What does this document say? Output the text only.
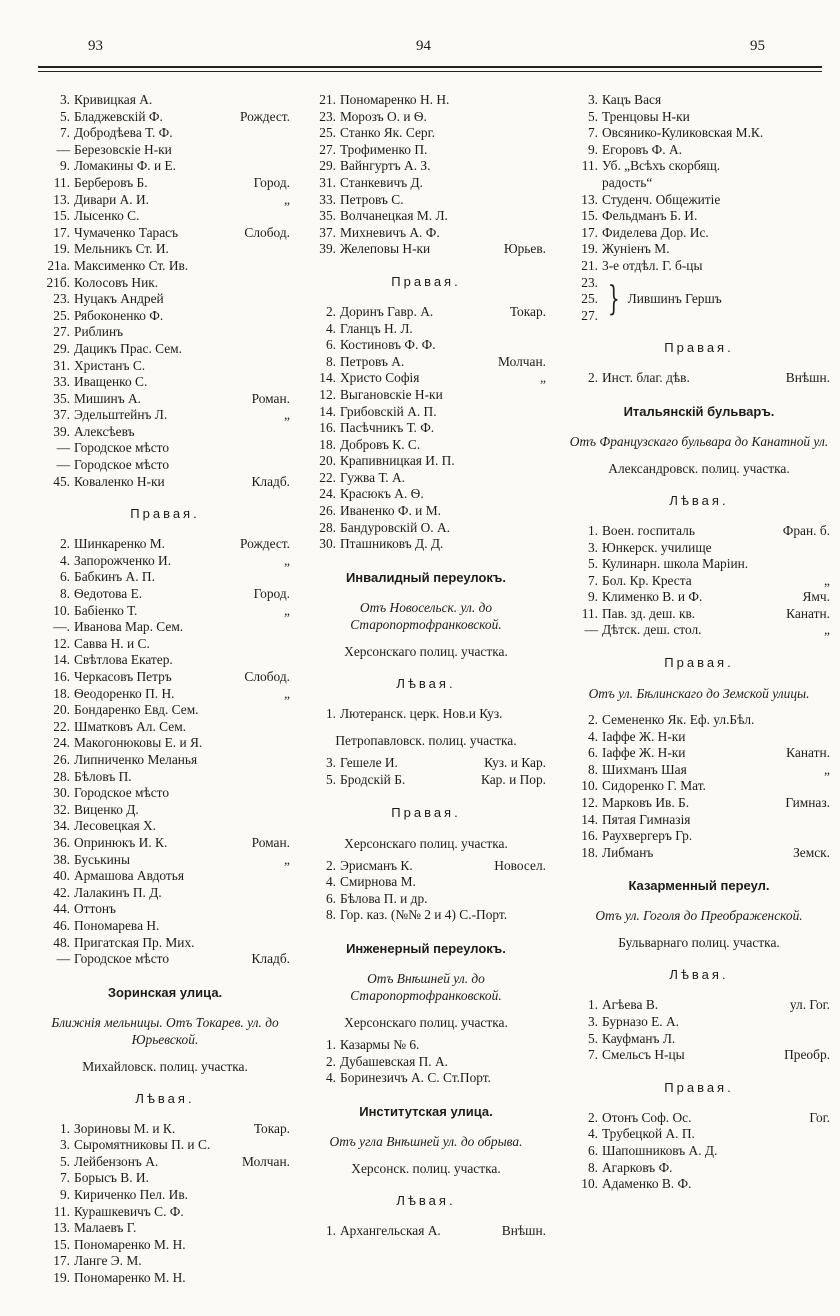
93	94	95
3. Кривицкая А.
5. Бладжевскій Ф.	Рождест.
7. Добродѣева Т. Ф.
— Березовскіе Н-ки
9. Ломакины Ф. и Е.
11. Берберовъ Б.	Город.
13. Дивари А. И.	„
15. Лысенко С.
17. Чумаченко Тарасъ	Слобод.
19. Мельникъ Ст. И.
21а. Максименко Ст. Ив.
21б. Колосовъ Ник.
23. Нуцакъ Андрей
25. Рябоконенко Ф.
27. Риблинъ
29. Дацикъ Прас. Сем.
31. Христанъ С.
33. Иващенко С.
35. Мишинъ А.	Роман.
37. Эдельштейнъ Л.	„
39. Алексѣевъ
— Городское мѣсто
— Городское мѣсто
45. Коваленко Н-ки	Кладб.
Правая.
2. Шинкаренко М.	Рождест.
4. Запорожченко И.	„
6. Бабкинъ А. П.
8. Ѳедотова Е.	Город.
10. Бабіенко Т.	„
—. Иванова Мар. Сем.
12. Савва Н. и С.
14. Свѣтлова Екатер.
16. Черкасовъ Петръ	Слобод.
18. Ѳеодоренко П. Н.	„
20. Бондаренко Евд. Сем.
22. Шматковъ Ал. Сем.
24. Макогонюковы Е. и Я.
26. Липниченко Меланья
28. Бѣловъ П.
30. Городское мѣсто
32. Виценко Д.
34. Лесовецкая Х.
36. Опринюкъ И. К.	Роман.
38. Буськины	„
40. Армашова Авдотья
42. Лалакинъ П. Д.
44. Оттонъ
46. Пономарева Н.
48. Пригатская Пр. Мих.
— Городское мѣсто	Кладб.
Зоринская улица.
Ближнія мельницы. Отъ Токарев. ул. до Юрьевской.
Михайловск. полиц. участка.
Лѣвая.
1. Зориновы М. и К.	Токар.
3. Сыромятниковы П. и С.
5. Лейбензонъ А.	Молчан.
7. Борысъ В. И.
9. Кириченко Пел. Ив.
11. Курашкевичъ С. Ф.
13. Малаевъ Г.
15. Пономаренко М. Н.
17. Ланге Э. М.
19. Пономаренко М. Н.
21. Пономаренко Н. Н.
23. Морозъ О. и Ѳ.
25. Станко Як. Серг.
27. Трофименко П.
29. Вайнгуртъ А. З.
31. Станкевичъ Д.
33. Петровъ С.
35. Волчанецкая М. Л.
37. Михневичъ А. Ф.
39. Желеповы Н-ки	Юрьев.
Правая.
2. Доринъ Гавр. А.	Токар.
4. Гланцъ Н. Л.
6. Костиновъ Ф. Ф.
8. Петровъ А.	Молчан.
14. Христо Софія	„
12. Выгановскіе Н-ки
14. Грибовскій А. П.
16. Пасѣчникъ Т. Ф.
18. Добровъ К. С.
20. Крапивницкая И. П.
22. Гужва Т. А.
24. Красюкъ А. Ѳ.
26. Иваненко Ф. и М.
28. Бандуровскій О. А.
30. Пташниковъ Д. Д.
Инвалидный переулокъ.
Отъ Новосельск. ул. до Старопортофранковской.
Херсонскаго полиц. участка.
Лѣвая.
1. Лютеранск. церк. Нов.и Куз.
Петропавловск. полиц. участка.
3. Гешеле И.	Куз. и Кар.
5. Бродскій Б.	Кар. и Пор.
Правая.
Херсонскаго полиц. участка.
2. Эрисманъ К.	Новосел.
4. Смирнова М.
6. Бѣлова П. и др.
8. Гор. каз. (№№ 2 и 4) С.-Порт.
Инженерный переулокъ.
Отъ Внѣшней ул. до Старопортофранковской.
Херсонскаго полиц. участка.
1. Казармы № 6.
2. Дубашевская П. А.
4. Боринезичъ А. С. Ст.Порт.
Институтская улица.
Отъ угла Внѣшней ул. до обрыва.
Херсонск. полиц. участка.
Лѣвая.
1. Архангельская А.	Внѣшн.
3. Кацъ Вася
5. Тренцовы Н-ки
7. Овсянико-Куликовская М.К.
9. Егоровъ Ф. А.
11. Уб. „Всѣхъ скорбящ.
радость“
13. Студенч. Общежитіе
15. Фельдманъ Б. И.
17. Фиделева Дор. Ис.
19. Жуніенъ М.
21. 3-е отдѣл. Г. б-цы
23.
25.
27. } Лившинъ Гершъ
Правая.
2. Инст. благ. дѣв.	Внѣшн.
Итальянскій бульваръ.
Отъ Французскаго бульвара до Канатной ул.
Александровск. полиц. участка.
Лѣвая.
1. Воен. госпиталь	Фран. б.
3. Юнкерск. училище
5. Кулинарн. школа Маріин.
7. Бол. Кр. Креста	„
9. Клименко В. и Ф.	Ямч.
11. Пав. зд. деш. кв.	Канатн.
— Дѣтск. деш. стол.	„
Правая.
Отъ ул. Бѣлинскаго до Земской улицы.
2. Семененко Як. Еф. ул.Бѣл.
4. Іаффе Ж. Н-ки
6. Іаффе Ж. Н-ки	Канатн.
8. Шихманъ Шая	„
10. Сидоренко Г. Мат.
12. Марковъ Ив. Б.	Гимназ.
14. Пятая Гимназія
16. Раухвергеръ Гр.
18. Либманъ	Земск.
Казарменный переул.
Отъ ул. Гоголя до Преображенской.
Бульварнаго полиц. участка.
Лѣвая.
1. Агѣева В.	ул. Гог.
3. Бурназо Е. А.
5. Кауфманъ Л.
7. Смельсъ Н-цы	Преобр.
Правая.
2. Отонъ Соф. Ос.	Гог.
4. Трубецкой А. П.
6. Шапошниковъ А. Д.
8. Агарковъ Ф.
10. Адаменко В. Ф.
